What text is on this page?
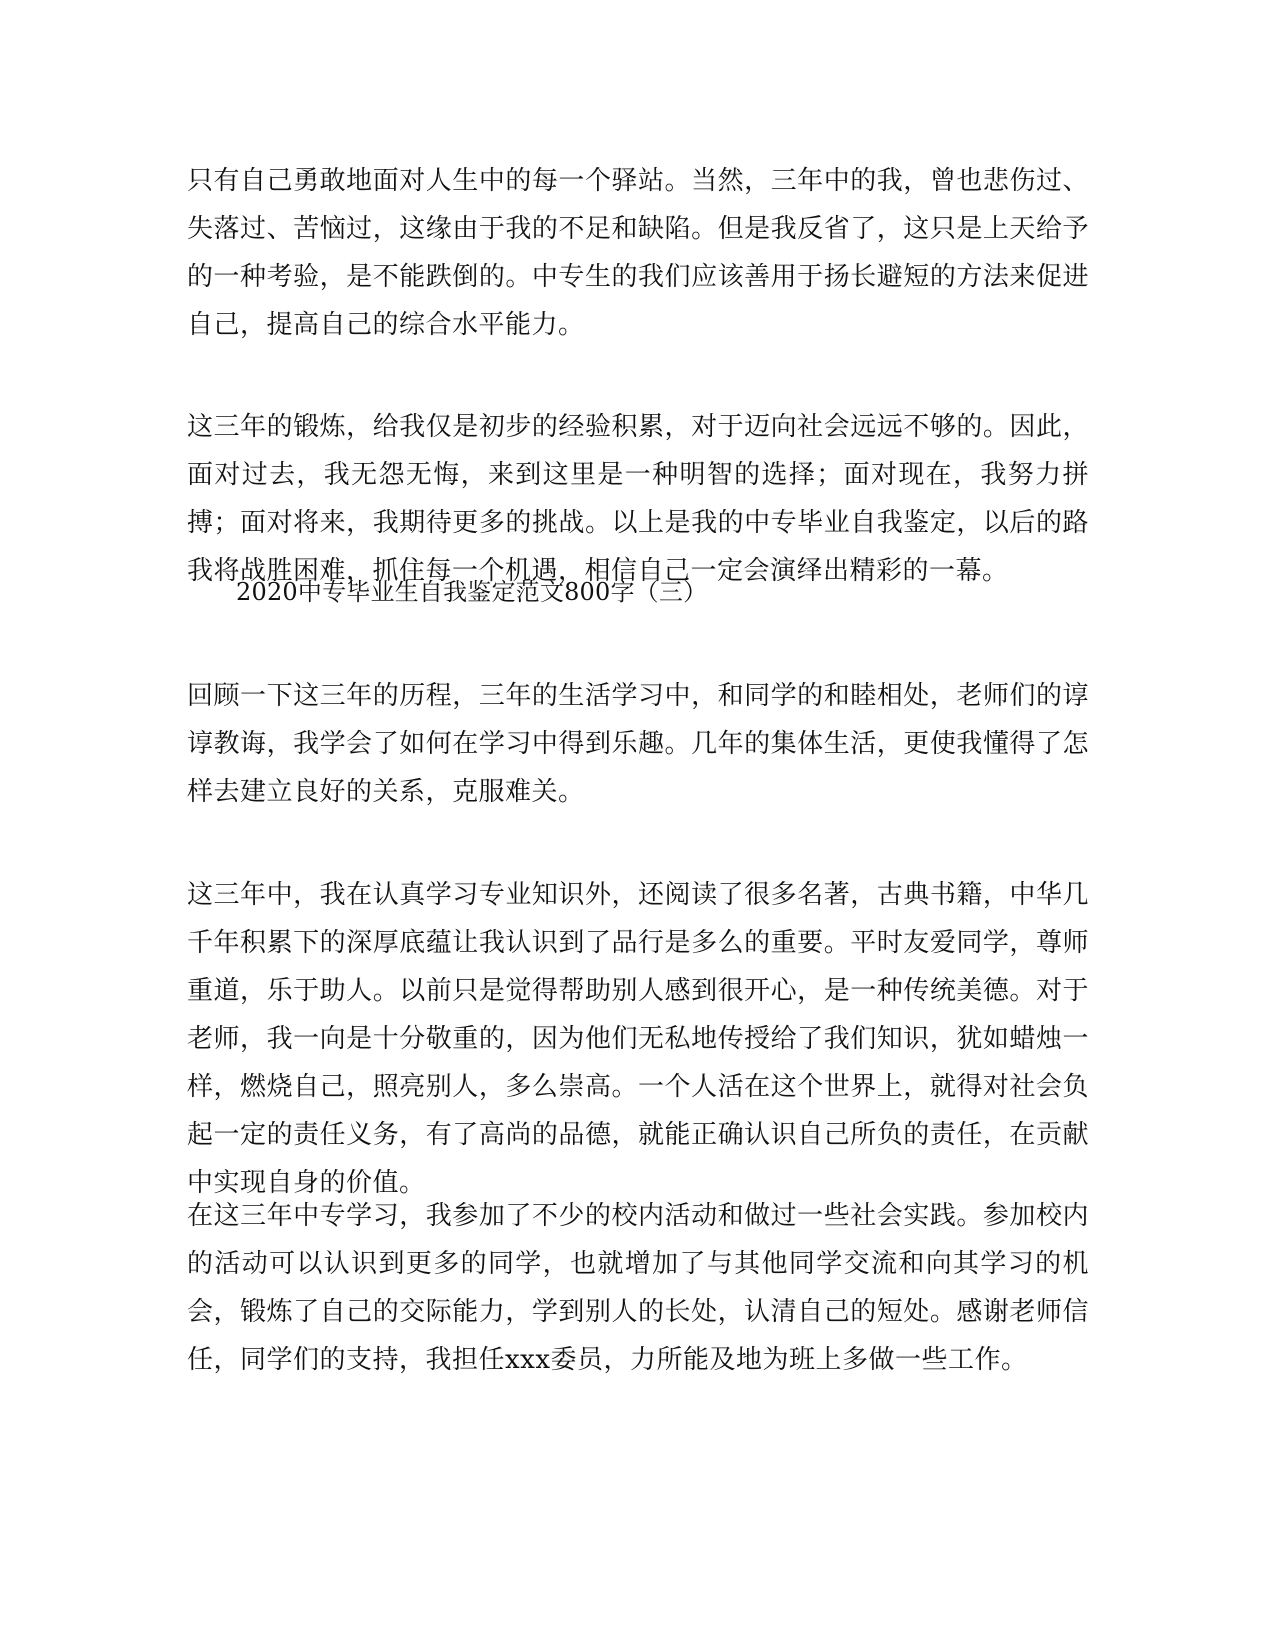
只有自己勇敢地面对人生中的每一个驿站。当然，三年中的我，曾也悲伤过、失落过、苦恼过，这缘由于我的不足和缺陷。但是我反省了，这只是上天给予的一种考验，是不能跌倒的。中专生的我们应该善用于扬长避短的方法来促进自己，提高自己的综合水平能力。

这三年的锻炼，给我仅是初步的经验积累，对于迈向社会远远不够的。因此，面对过去，我无怨无悔，来到这里是一种明智的选择；面对现在，我努力拼搏；面对将来，我期待更多的挑战。以上是我的中专毕业自我鉴定，以后的路我将战胜困难，抓住每一个机遇，相信自己一定会演绎出精彩的一幕。

2020中专毕业生自我鉴定范文800字（三）

回顾一下这三年的历程，三年的生活学习中，和同学的和睦相处，老师们的谆谆教诲，我学会了如何在学习中得到乐趣。几年的集体生活，更使我懂得了怎样去建立良好的关系，克服难关。

这三年中，我在认真学习专业知识外，还阅读了很多名著，古典书籍，中华几千年积累下的深厚底蕴让我认识到了品行是多么的重要。平时友爱同学，尊师重道，乐于助人。以前只是觉得帮助别人感到很开心，是一种传统美德。对于老师，我一向是十分敬重的，因为他们无私地传授给了我们知识，犹如蜡烛一样，燃烧自己，照亮别人，多么崇高。一个人活在这个世界上，就得对社会负起一定的责任义务，有了高尚的品德，就能正确认识自己所负的责任，在贡献中实现自身的价值。

在这三年中专学习，我参加了不少的校内活动和做过一些社会实践。参加校内的活动可以认识到更多的同学，也就增加了与其他同学交流和向其学习的机会，锻炼了自己的交际能力，学到别人的长处，认清自己的短处。感谢老师信任，同学们的支持，我担任xxx委员，力所能及地为班上多做一些工作。
